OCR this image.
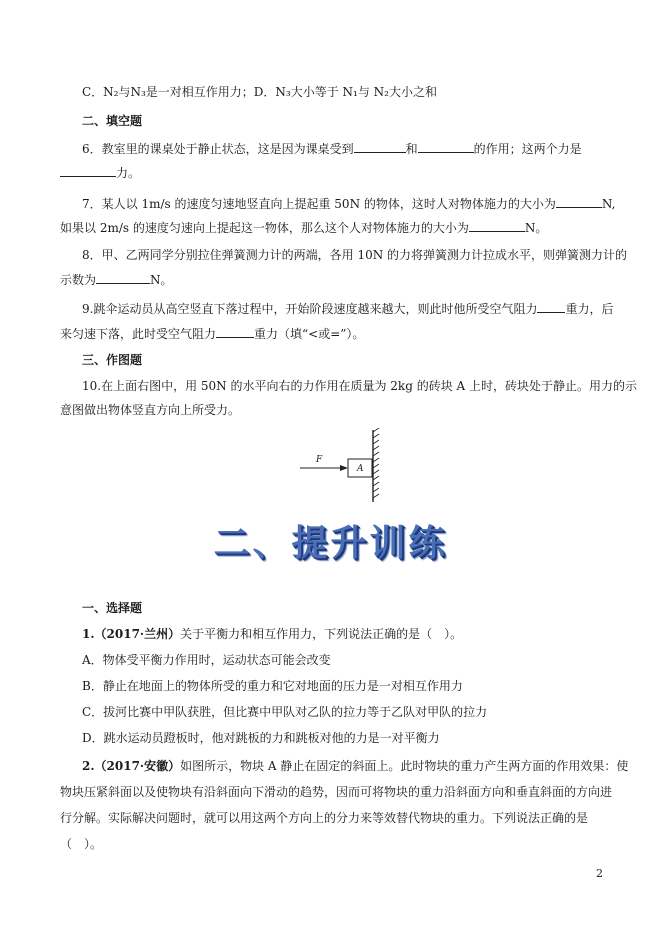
C．N₂与N₃是一对相互作用力；D．N₃大小等于 N₁与 N₂大小之和
二、填空题
6．教室里的课桌处于静止状态，这是因为课桌受到	和	的作用；这两个力是
力。
7．某人以 1m/s 的速度匀速地竖直向上提起重 50N 的物体，这时人对物体施力的大小为	N,
如果以 2m/s 的速度匀速向上提起这一物体，那么这个人对物体施力的大小为	N。
8．甲、乙两同学分别拉住弹簧测力计的两端，各用 10N 的力将弹簧测力计拉成水平，则弹簧测力计的
示数为	N。
9.跳伞运动员从高空竖直下落过程中，开始阶段速度越来越大，则此时他所受空气阻力 重力，后
来匀速下落，此时受空气阻力	重力（填“<或=”）。
三、作图题
10.在上面右图中，用 50N 的水平向右的力作用在质量为 2kg 的砖块 A 上时，砖块处于静止。用力的示
意图做出物体竖直方向上所受力。
F
A
二、提升训练
一、选择题
1.（2017·兰州）关于平衡力和相互作用力，下列说法正确的是（　）。
A．物体受平衡力作用时，运动状态可能会改变
B．静止在地面上的物体所受的重力和它对地面的压力是一对相互作用力
C．拔河比赛中甲队获胜，但比赛中甲队对乙队的拉力等于乙队对甲队的拉力
D．跳水运动员蹬板时，他对跳板的力和跳板对他的力是一对平衡力
2.（2017·安徽）如图所示，物块 A 静止在固定的斜面上。此时物块的重力产生两方面的作用效果：使
物块压紧斜面以及使物块有沿斜面向下滑动的趋势，因而可将物块的重力沿斜面方向和垂直斜面的方向进
行分解。实际解决问题时，就可以用这两个方向上的分力来等效替代物块的重力。下列说法正确的是
（　）。
2
